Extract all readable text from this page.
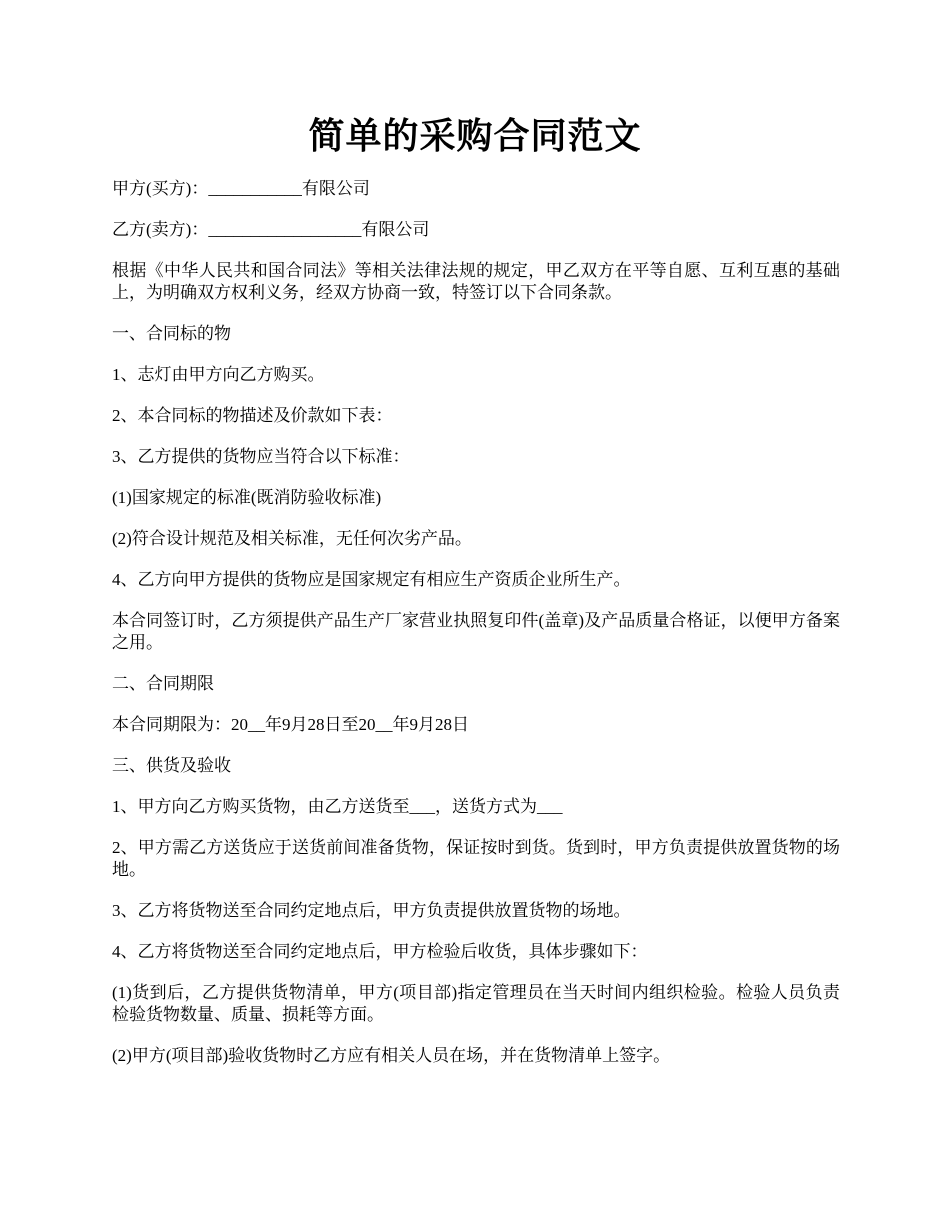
简单的采购合同范文

甲方(买方)：___________有限公司

乙方(卖方)：__________________有限公司

根据《中华人民共和国合同法》等相关法律法规的规定，甲乙双方在平等自愿、互利互惠的基础上，为明确双方权利义务，经双方协商一致，特签订以下合同条款。

一、合同标的物

1、志灯由甲方向乙方购买。

2、本合同标的物描述及价款如下表：

3、乙方提供的货物应当符合以下标准：

(1)国家规定的标准(既消防验收标准)

(2)符合设计规范及相关标准，无任何次劣产品。

4、乙方向甲方提供的货物应是国家规定有相应生产资质企业所生产。

本合同签订时，乙方须提供产品生产厂家营业执照复印件(盖章)及产品质量合格证，以便甲方备案之用。

二、合同期限

本合同期限为：20__年9月28日至20__年9月28日

三、供货及验收

1、甲方向乙方购买货物，由乙方送货至___，送货方式为___

2、甲方需乙方送货应于送货前间准备货物，保证按时到货。货到时，甲方负责提供放置货物的场地。

3、乙方将货物送至合同约定地点后，甲方负责提供放置货物的场地。

4、乙方将货物送至合同约定地点后，甲方检验后收货，具体步骤如下：

(1)货到后，乙方提供货物清单，甲方(项目部)指定管理员在当天时间内组织检验。检验人员负责检验货物数量、质量、损耗等方面。

(2)甲方(项目部)验收货物时乙方应有相关人员在场，并在货物清单上签字。
